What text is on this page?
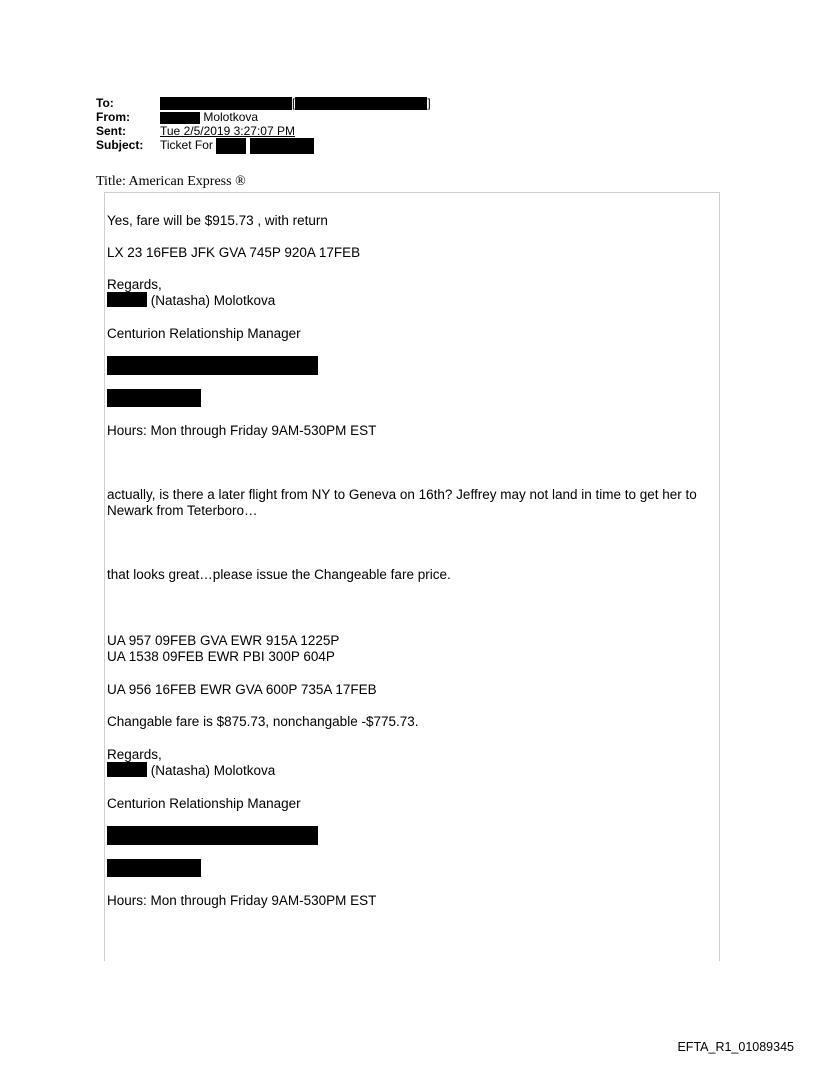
To:	[	]
From:	Molotkova
Sent:	Tue 2/5/2019 3:27:07 PM
Subject:	Ticket For
Title: American Express ®
Yes, fare will be $915.73 , with return
LX 23 16FEB JFK GVA 745P 920A 17FEB
Regards,
(Natasha) Molotkova
Centurion Relationship Manager
Hours: Mon through Friday 9AM-530PM EST
actually, is there a later flight from NY to Geneva on 16th? Jeffrey may not land in time to get her to Newark from Teterboro…
that looks great…please issue the Changeable fare price.
UA 957 09FEB GVA EWR 915A 1225P
UA 1538 09FEB EWR PBI 300P 604P
UA 956 16FEB EWR GVA 600P 735A 17FEB
Changable fare is $875.73, nonchangable -$775.73.
Regards,
(Natasha) Molotkova
Centurion Relationship Manager
Hours: Mon through Friday 9AM-530PM EST
EFTA_R1_01089345
